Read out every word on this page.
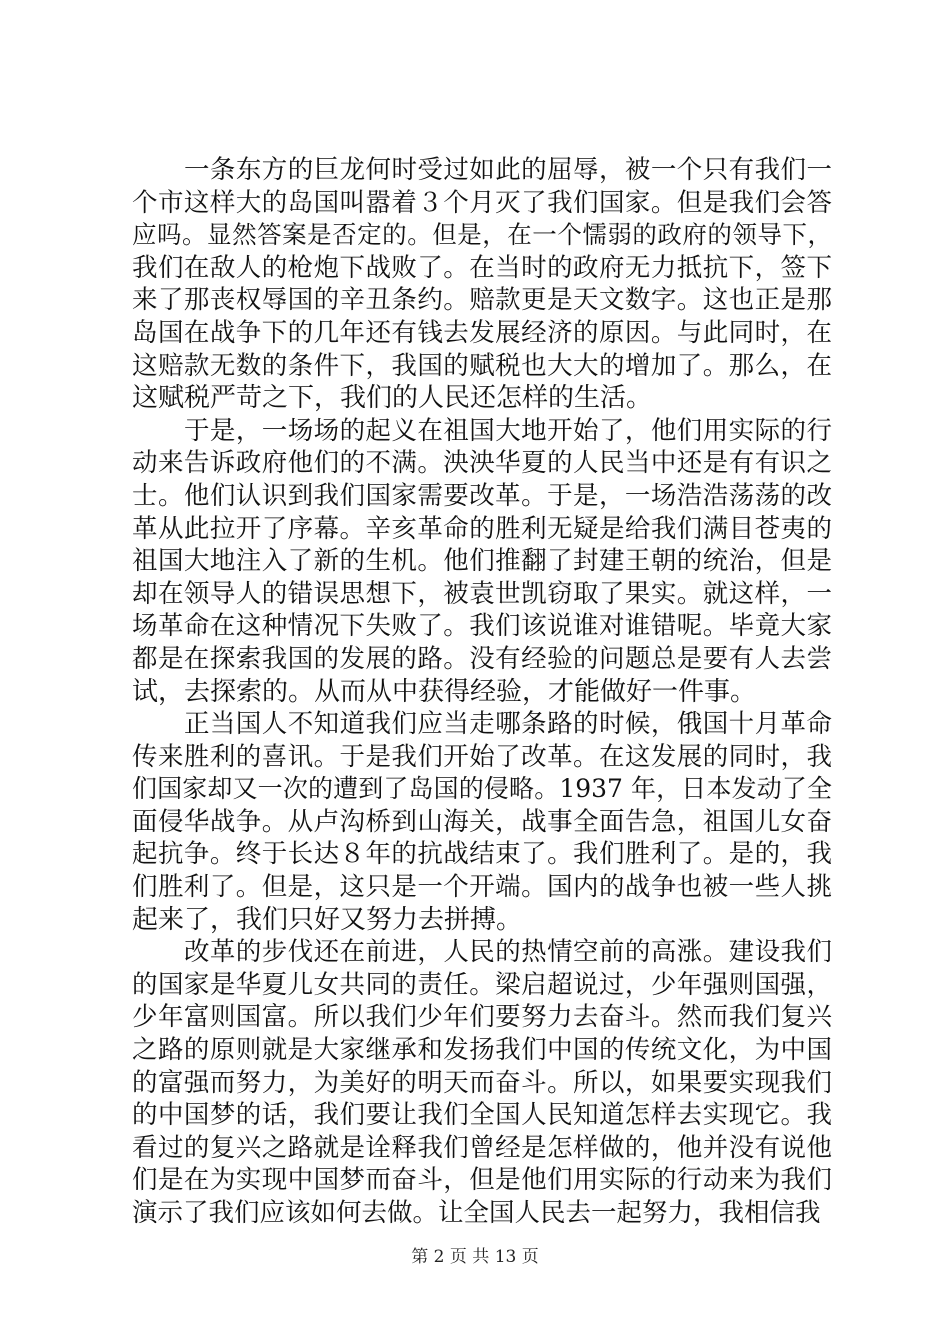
一条东方的巨龙何时受过如此的屈辱，被一个只有我们一

个市这样大的岛国叫嚣着３个月灭了我们国家。但是我们会答

应吗。显然答案是否定的。但是，在一个懦弱的政府的领导下，

我们在敌人的枪炮下战败了。在当时的政府无力抵抗下，签下

来了那丧权辱国的辛丑条约。赔款更是天文数字。这也正是那

岛国在战争下的几年还有钱去发展经济的原因。与此同时，在

这赔款无数的条件下，我国的赋税也大大的增加了。那么，在

这赋税严苛之下，我们的人民还怎样的生活。

于是，一场场的起义在祖国大地开始了，他们用实际的行

动来告诉政府他们的不满。泱泱华夏的人民当中还是有有识之

士。他们认识到我们国家需要改革。于是，一场浩浩荡荡的改

革从此拉开了序幕。辛亥革命的胜利无疑是给我们满目苍夷的

祖国大地注入了新的生机。他们推翻了封建王朝的统治，但是

却在领导人的错误思想下，被袁世凯窃取了果实。就这样，一

场革命在这种情况下失败了。我们该说谁对谁错呢。毕竟大家

都是在探索我国的发展的路。没有经验的问题总是要有人去尝

试，去探索的。从而从中获得经验，才能做好一件事。

正当国人不知道我们应当走哪条路的时候，俄国十月革命

传来胜利的喜讯。于是我们开始了改革。在这发展的同时，我

们国家却又一次的遭到了岛国的侵略。1937 年，日本发动了全

面侵华战争。从卢沟桥到山海关，战事全面告急，祖国儿女奋

起抗争。终于长达８年的抗战结束了。我们胜利了。是的，我

们胜利了。但是，这只是一个开端。国内的战争也被一些人挑

起来了，我们只好又努力去拼搏。

改革的步伐还在前进，人民的热情空前的高涨。建设我们

的国家是华夏儿女共同的责任。梁启超说过，少年强则国强，

少年富则国富。所以我们少年们要努力去奋斗。然而我们复兴

之路的原则就是大家继承和发扬我们中国的传统文化，为中国

的富强而努力，为美好的明天而奋斗。所以，如果要实现我们

的中国梦的话，我们要让我们全国人民知道怎样去实现它。我

看过的复兴之路就是诠释我们曾经是怎样做的，他并没有说他

们是在为实现中国梦而奋斗，但是他们用实际的行动来为我们

演示了我们应该如何去做。让全国人民去一起努力，我相信我

第 2 页 共 13 页
